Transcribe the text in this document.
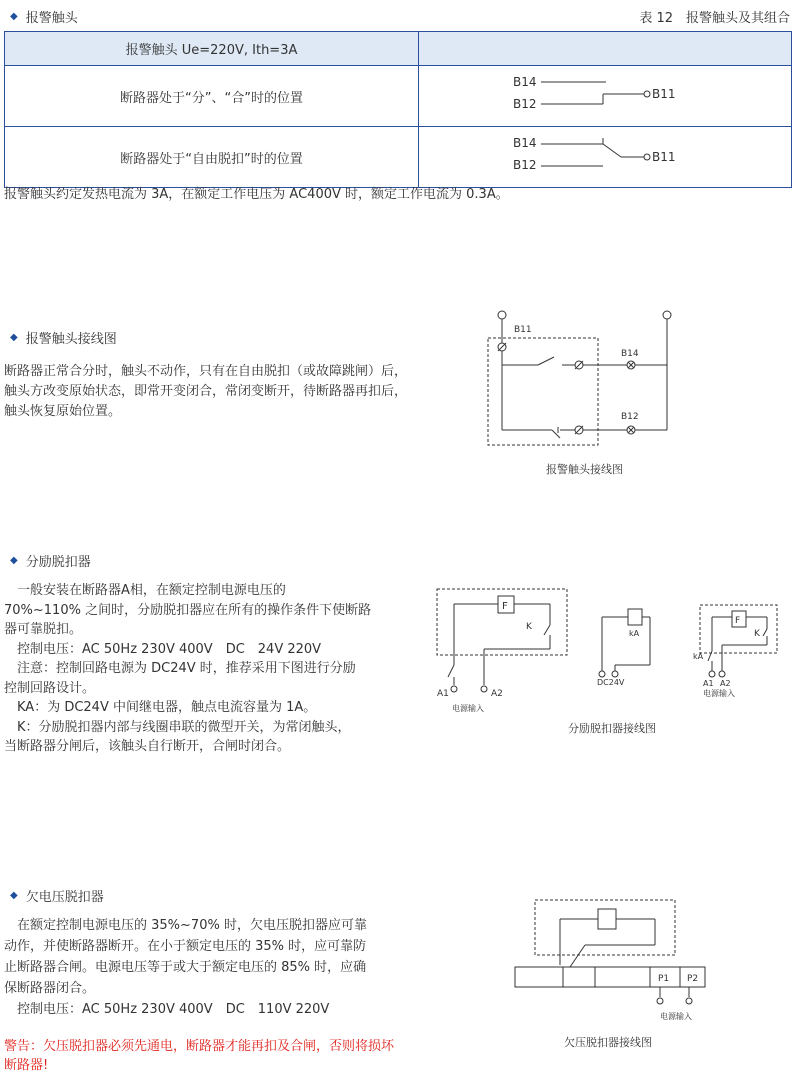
◆ 报警触头	表 12　报警触头及其组合
报警触头 Ue=220V, Ith=3A	
断路器处于“分”、“合”时的位置	B14
B12
B11

断路器处于“自由脱扣”时的位置	B14
B12
B11
报警触头约定发热电流为 3A，在额定工作电压为 AC400V 时，额定工作电流为 0.3A。
◆ 报警触头接线图
断路器正常合分时，触头不动作，只有在自由脱扣（或故障跳闸）后，
触头方改变原始状态，即常开变闭合，常闭变断开，待断路器再扣后，
触头恢复原始位置。
B11
B14
B12
报警触头接线图
◆ 分励脱扣器
　一般安装在断路器A相，在额定控制电源电压的
70%~110% 之间时，分励脱扣器应在所有的操作条件下使断路
器可靠脱扣。
　控制电压：AC 50Hz 230V 400V　DC　24V 220V
　注意：控制回路电源为 DC24V 时，推荐采用下图进行分励
控制回路设计。
　KA：为 DC24V 中间继电器，触点电流容量为 1A。
　K：分励脱扣器内部与线圈串联的微型开关，为常闭触头，
当断路器分闸后，该触头自行断开，合闸时闭合。
F
K
A1	A2
电源输入
kA
DC24V
F
K
kA
A1 A2
电源输入
分励脱扣器接线图
◆ 欠电压脱扣器
　在额定控制电源电压的 35%~70% 时，欠电压脱扣器应可靠
动作，并使断路器断开。在小于额定电压的 35% 时，应可靠防
止断路器合闸。电源电压等于或大于额定电压的 85% 时，应确
保断路器闭合。
　控制电压：AC 50Hz 230V 400V　DC　110V 220V
警告：欠压脱扣器必须先通电，断路器才能再扣及合闸，否则将损坏
断路器!
P1 P2
电源输入
欠压脱扣器接线图
